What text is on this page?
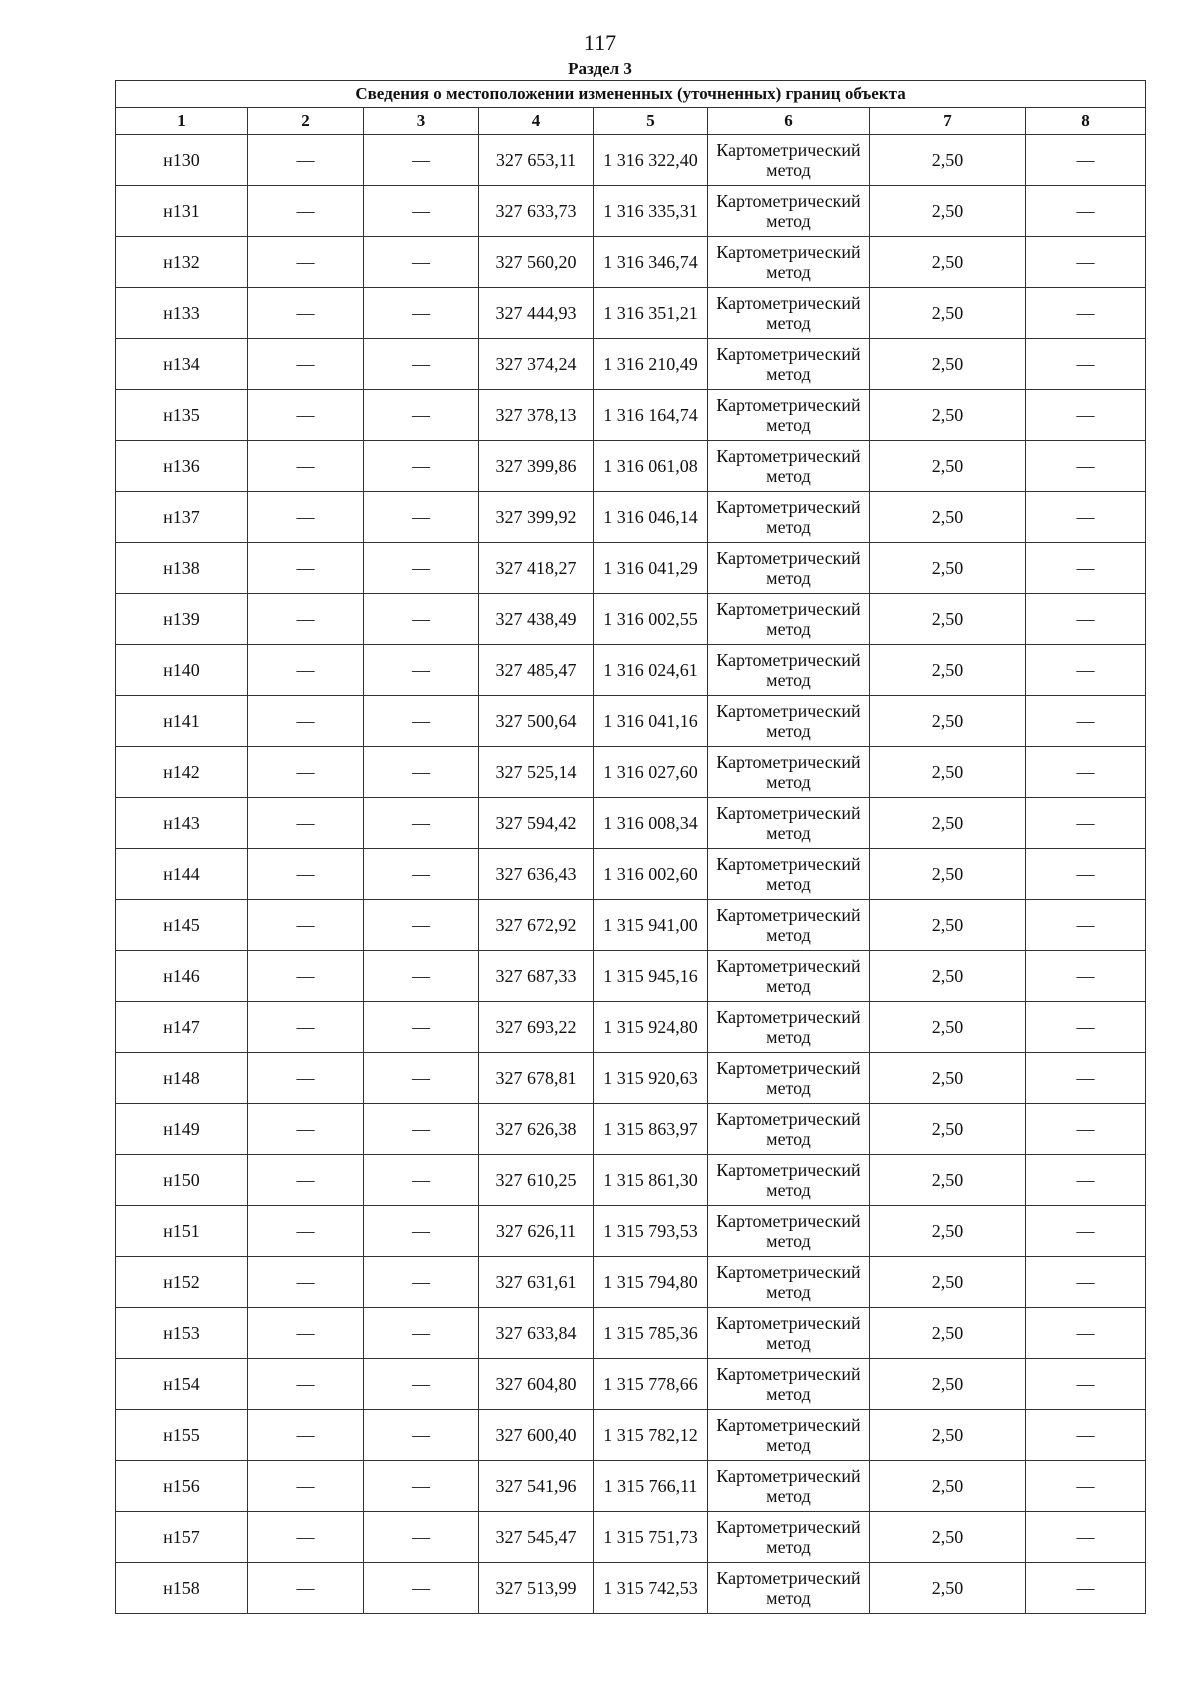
117
Раздел 3
Сведения о местоположении измененных (уточненных) границ объекта							
1	2	3	4	5	6	7	8
н130	—	—	327 653,11	1 316 322,40	Картометрический метод	2,50	—
н131	—	—	327 633,73	1 316 335,31	Картометрический метод	2,50	—
н132	—	—	327 560,20	1 316 346,74	Картометрический метод	2,50	—
н133	—	—	327 444,93	1 316 351,21	Картометрический метод	2,50	—
н134	—	—	327 374,24	1 316 210,49	Картометрический метод	2,50	—
н135	—	—	327 378,13	1 316 164,74	Картометрический метод	2,50	—
н136	—	—	327 399,86	1 316 061,08	Картометрический метод	2,50	—
н137	—	—	327 399,92	1 316 046,14	Картометрический метод	2,50	—
н138	—	—	327 418,27	1 316 041,29	Картометрический метод	2,50	—
н139	—	—	327 438,49	1 316 002,55	Картометрический метод	2,50	—
н140	—	—	327 485,47	1 316 024,61	Картометрический метод	2,50	—
н141	—	—	327 500,64	1 316 041,16	Картометрический метод	2,50	—
н142	—	—	327 525,14	1 316 027,60	Картометрический метод	2,50	—
н143	—	—	327 594,42	1 316 008,34	Картометрический метод	2,50	—
н144	—	—	327 636,43	1 316 002,60	Картометрический метод	2,50	—
н145	—	—	327 672,92	1 315 941,00	Картометрический метод	2,50	—
н146	—	—	327 687,33	1 315 945,16	Картометрический метод	2,50	—
н147	—	—	327 693,22	1 315 924,80	Картометрический метод	2,50	—
н148	—	—	327 678,81	1 315 920,63	Картометрический метод	2,50	—
н149	—	—	327 626,38	1 315 863,97	Картометрический метод	2,50	—
н150	—	—	327 610,25	1 315 861,30	Картометрический метод	2,50	—
н151	—	—	327 626,11	1 315 793,53	Картометрический метод	2,50	—
н152	—	—	327 631,61	1 315 794,80	Картометрический метод	2,50	—
н153	—	—	327 633,84	1 315 785,36	Картометрический метод	2,50	—
н154	—	—	327 604,80	1 315 778,66	Картометрический метод	2,50	—
н155	—	—	327 600,40	1 315 782,12	Картометрический метод	2,50	—
н156	—	—	327 541,96	1 315 766,11	Картометрический метод	2,50	—
н157	—	—	327 545,47	1 315 751,73	Картометрический метод	2,50	—
н158	—	—	327 513,99	1 315 742,53	Картометрический метод	2,50	—
